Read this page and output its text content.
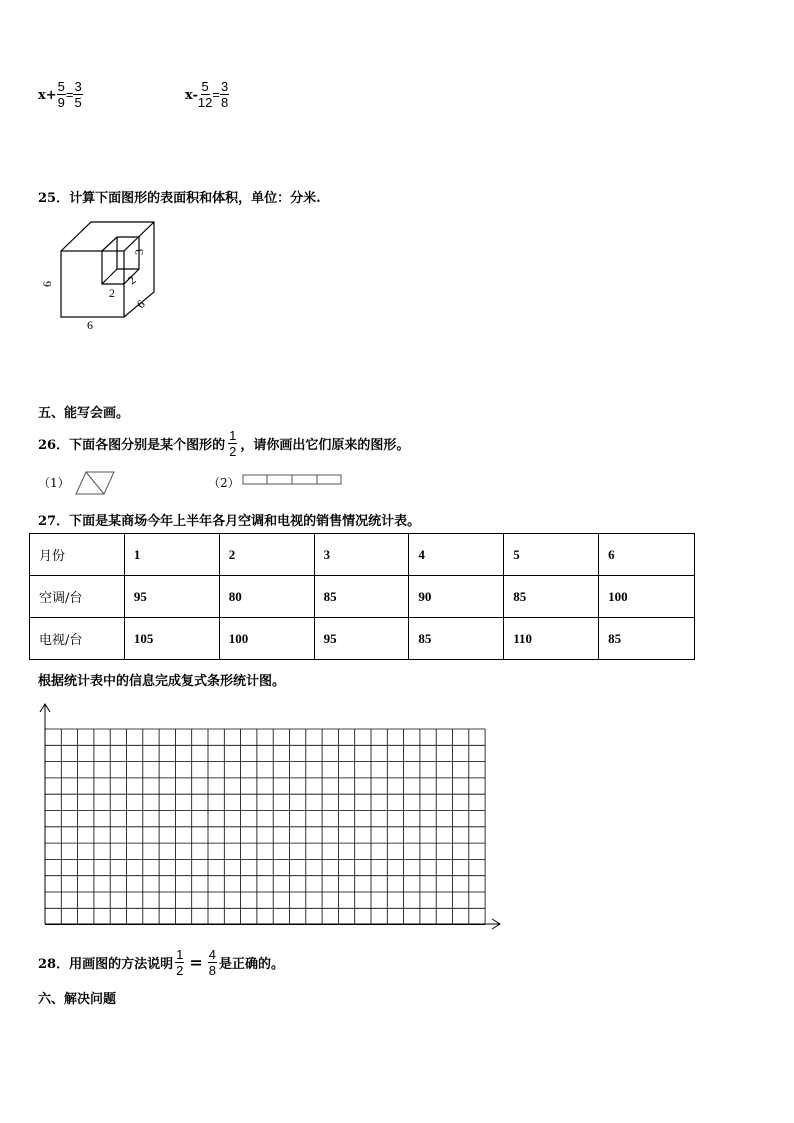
$x+ \frac{5}{9} = \frac{3}{5}$	$x- \frac{5}{12} = \frac{3}{8}$
25．计算下面图形的表面积和体积，单位：分米.
6
6
6
2
2
3
五、能写会画。
26．下面各图分别是某个图形的 $\frac{1}{2}$ ，请你画出它们原来的图形。
（1）	（2）
27．下面是某商场今年上半年各月空调和电视的销售情况统计表。
月份	1	2	3	4	5	6
空调/台	95	80	85	90	85	100
电视/台	105	100	95	85	110	85
根据统计表中的信息完成复式条形统计图。
28．用画图的方法说明 $\frac{1}{2} = \frac{4}{8}$ 是正确的。
六、解决问题
